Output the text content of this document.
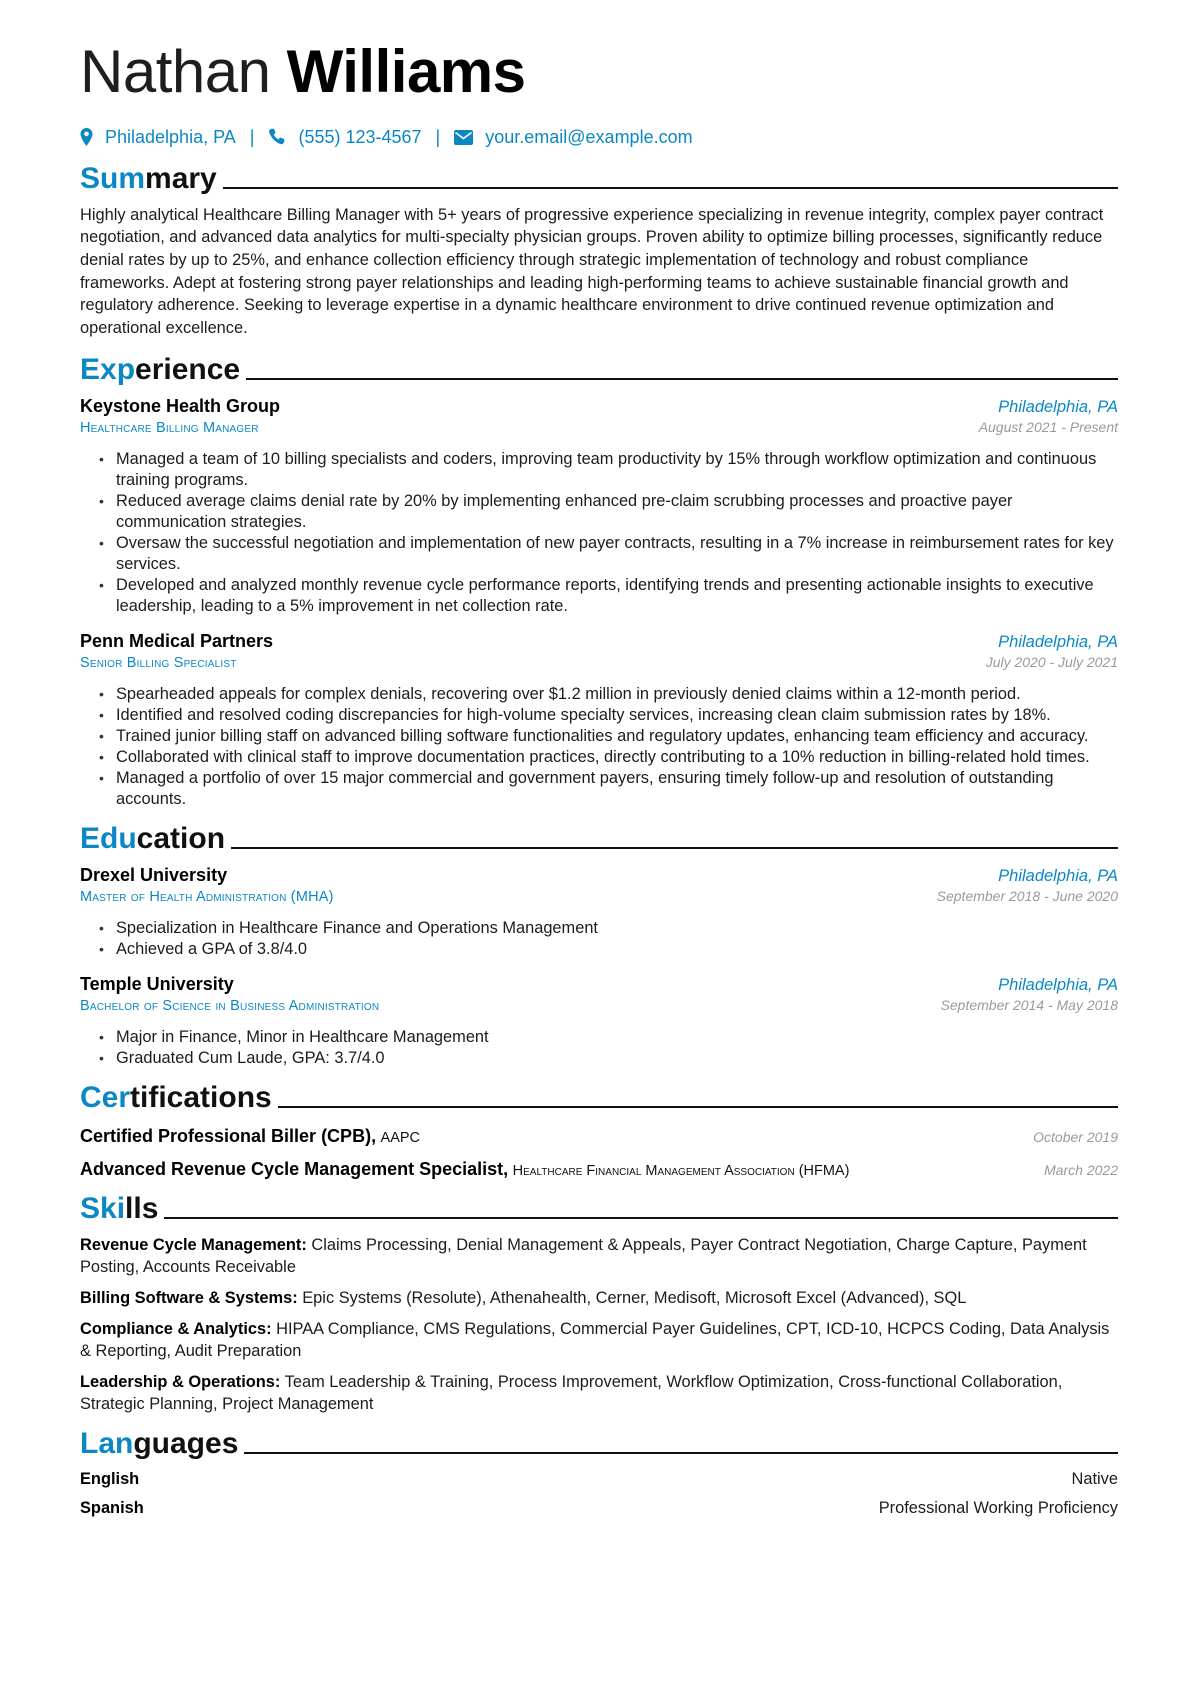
Nathan Williams
Philadelphia, PA | (555) 123-4567 |	your.email@example.com
Summary

Highly analytical Healthcare Billing Manager with 5+ years of progressive experience specializing in revenue integrity, complex payer contract negotiation, and advanced data analytics for multi-specialty physician groups. Proven ability to optimize billing processes, significantly reduce denial rates by up to 25%, and enhance collection efficiency through strategic implementation of technology and robust compliance frameworks. Adept at fostering strong payer relationships and leading high-performing teams to achieve sustainable financial growth and regulatory adherence. Seeking to leverage expertise in a dynamic healthcare environment to drive continued revenue optimization and operational excellence.

Experience
Keystone Health Group	Philadelphia, PA
Healthcare Billing Manager	August 2021 - Present
• Managed a team of 10 billing specialists and coders, improving team productivity by 15% through workflow optimization and continuous training programs.
• Reduced average claims denial rate by 20% by implementing enhanced pre-claim scrubbing processes and proactive payer communication strategies.
• Oversaw the successful negotiation and implementation of new payer contracts, resulting in a 7% increase in reimbursement rates for key services.
• Developed and analyzed monthly revenue cycle performance reports, identifying trends and presenting actionable insights to executive leadership, leading to a 5% improvement in net collection rate.
Penn Medical Partners	Philadelphia, PA
Senior Billing Specialist	July 2020 - July 2021
• Spearheaded appeals for complex denials, recovering over $1.2 million in previously denied claims within a 12-month period.
• Identified and resolved coding discrepancies for high-volume specialty services, increasing clean claim submission rates by 18%.
• Trained junior billing staff on advanced billing software functionalities and regulatory updates, enhancing team efficiency and accuracy.
• Collaborated with clinical staff to improve documentation practices, directly contributing to a 10% reduction in billing-related hold times.
• Managed a portfolio of over 15 major commercial and government payers, ensuring timely follow-up and resolution of outstanding accounts.
Education
Drexel University	Philadelphia, PA
Master of Health Administration (MHA)	September 2018 - June 2020
• Specialization in Healthcare Finance and Operations Management
• Achieved a GPA of 3.8/4.0
Temple University	Philadelphia, PA
Bachelor of Science in Business Administration	September 2014 - May 2018
• Major in Finance, Minor in Healthcare Management
• Graduated Cum Laude, GPA: 3.7/4.0
Certifications
Certified Professional Biller (CPB), AAPC	October 2019
Advanced Revenue Cycle Management Specialist, Healthcare Financial Management Association (HFMA)	March 2022
Skills
Revenue Cycle Management: Claims Processing, Denial Management & Appeals, Payer Contract Negotiation, Charge Capture, Payment Posting, Accounts Receivable
Billing Software & Systems: Epic Systems (Resolute), Athenahealth, Cerner, Medisoft, Microsoft Excel (Advanced), SQL
Compliance & Analytics: HIPAA Compliance, CMS Regulations, Commercial Payer Guidelines, CPT, ICD-10, HCPCS Coding, Data Analysis & Reporting, Audit Preparation
Leadership & Operations: Team Leadership & Training, Process Improvement, Workflow Optimization, Cross-functional Collaboration, Strategic Planning, Project Management
Languages
English	Native
Spanish	Professional Working Proficiency
